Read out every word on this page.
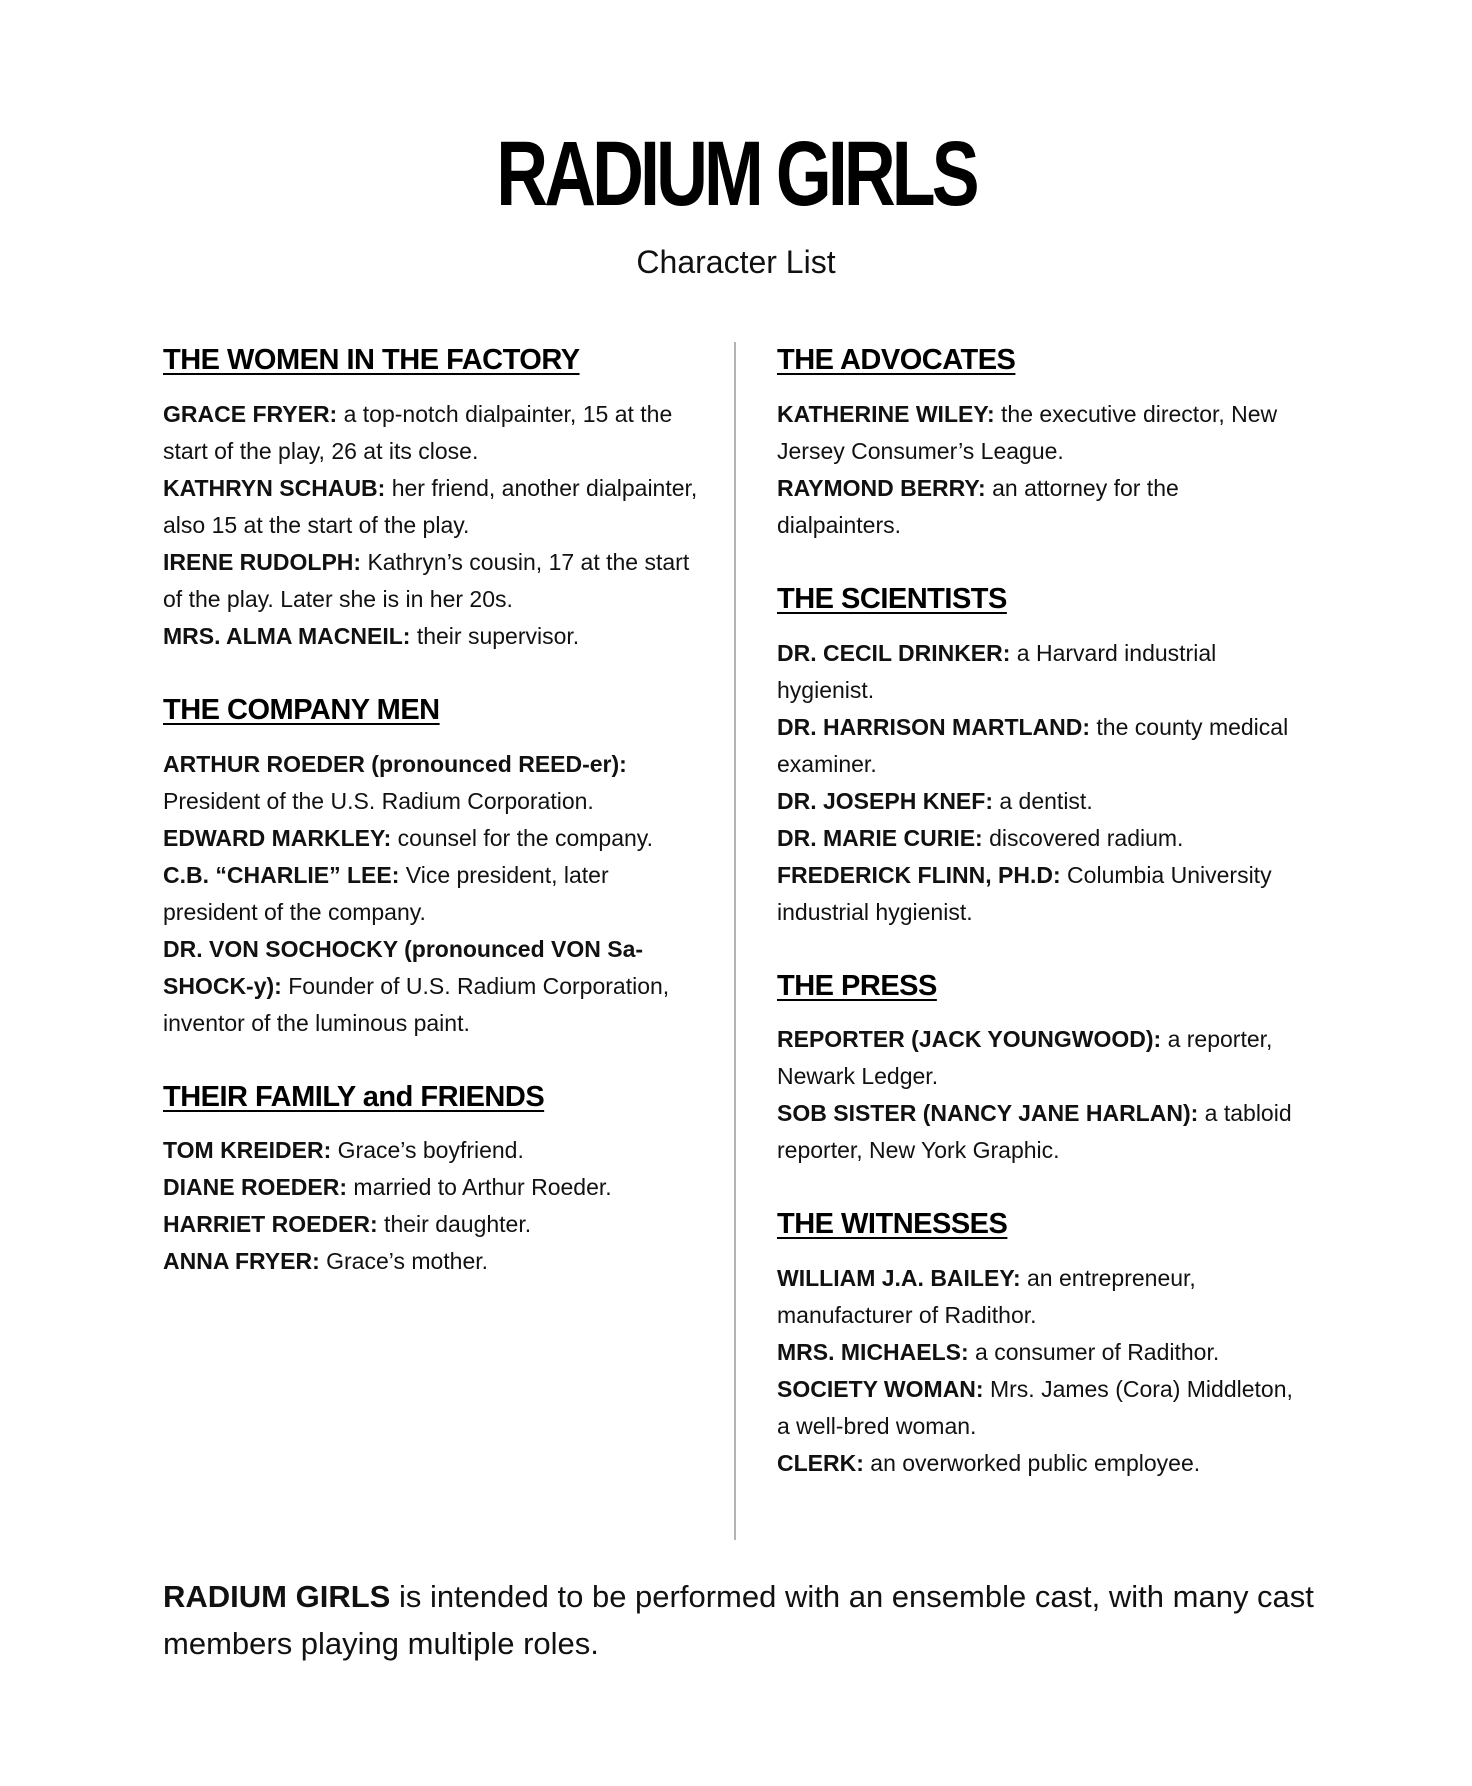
RADIUM GIRLS
Character List
THE WOMEN IN THE FACTORY
GRACE FRYER: a top-notch dialpainter, 15 at the start of the play, 26 at its close.
KATHRYN SCHAUB: her friend, another dialpainter, also 15 at the start of the play.
IRENE RUDOLPH: Kathryn’s cousin, 17 at the start of the play. Later she is in her 20s.
MRS. ALMA MACNEIL: their supervisor.
THE COMPANY MEN
ARTHUR ROEDER (pronounced REED-er): President of the U.S. Radium Corporation.
EDWARD MARKLEY: counsel for the company.
C.B. “CHARLIE” LEE: Vice president, later president of the company.
DR. VON SOCHOCKY (pronounced VON Sa-SHOCK-y): Founder of U.S. Radium Corporation, inventor of the luminous paint.
THEIR FAMILY and FRIENDS
TOM KREIDER: Grace’s boyfriend.
DIANE ROEDER: married to Arthur Roeder.
HARRIET ROEDER: their daughter.
ANNA FRYER: Grace’s mother.
THE ADVOCATES
KATHERINE WILEY: the executive director, New Jersey Consumer’s League.
RAYMOND BERRY: an attorney for the dialpainters.
THE SCIENTISTS
DR. CECIL DRINKER: a Harvard industrial hygienist.
DR. HARRISON MARTLAND: the county medical examiner.
DR. JOSEPH KNEF: a dentist.
DR. MARIE CURIE: discovered radium.
FREDERICK FLINN, PH.D: Columbia University industrial hygienist.
THE PRESS
REPORTER (JACK YOUNGWOOD): a reporter, Newark Ledger.
SOB SISTER (NANCY JANE HARLAN): a tabloid reporter, New York Graphic.
THE WITNESSES
WILLIAM J.A. BAILEY: an entrepreneur, manufacturer of Radithor.
MRS. MICHAELS: a consumer of Radithor.
SOCIETY WOMAN: Mrs. James (Cora) Middleton, a well-bred woman.
CLERK: an overworked public employee.
RADIUM GIRLS is intended to be performed with an ensemble cast, with many cast members playing multiple roles.
